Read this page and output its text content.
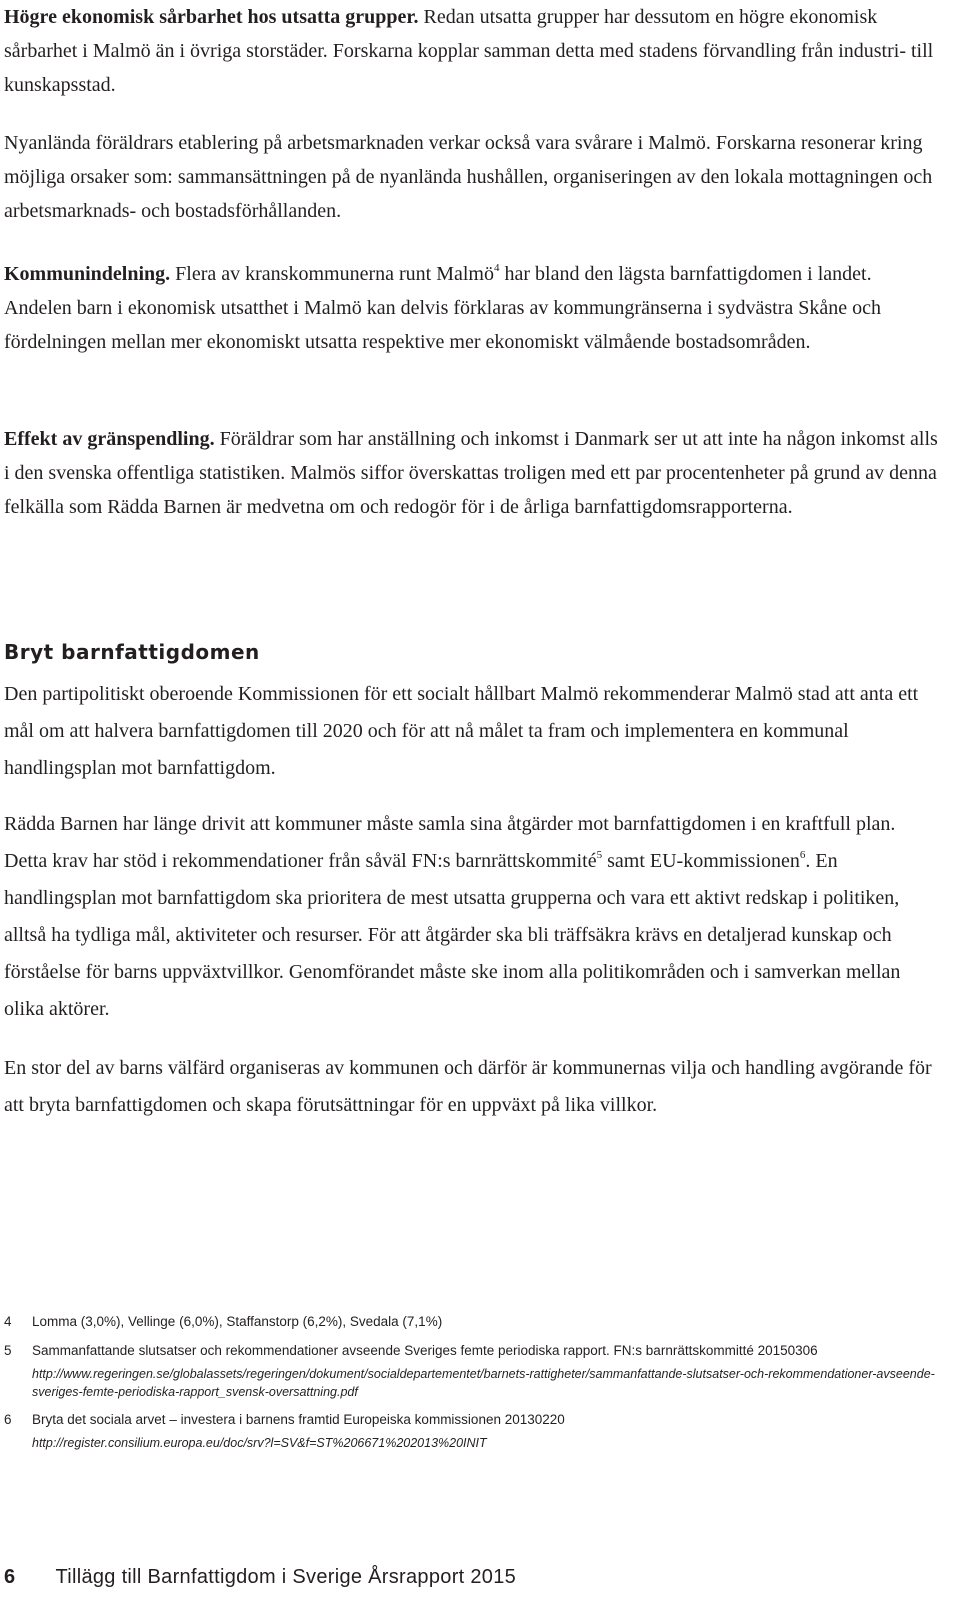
Högre ekonomisk sårbarhet hos utsatta grupper. Redan utsatta grupper har dessutom en högre ekonomisk sårbarhet i Malmö än i övriga storstäder. Forskarna kopplar samman detta med stadens förvandling från industri- till kunskapsstad.

Nyanlända föräldrars etablering på arbetsmarknaden verkar också vara svårare i Malmö. Forskarna resonerar kring möjliga orsaker som: sammansättningen på de nyanlända hushållen, organiseringen av den lokala mottagningen och arbetsmarknads- och bostadsförhållanden.

Kommunindelning. Flera av kranskommunerna runt Malmö$^4$ har bland den lägsta barnfattigdomen i landet. Andelen barn i ekonomisk utsatthet i Malmö kan delvis förklaras av kommungränserna i sydvästra Skåne och fördelningen mellan mer ekonomiskt utsatta respektive mer ekonomiskt välmående bostadsområden.

Effekt av gränspendling. Föräldrar som har anställning och inkomst i Danmark ser ut att inte ha någon inkomst alls i den svenska offentliga statistiken. Malmös siffor överskattas troligen med ett par procentenheter på grund av denna felkälla som Rädda Barnen är medvetna om och redogör för i de årliga barnfattigdomsrapporterna.

Bryt barnfattigdomen

Den partipolitiskt oberoende Kommissionen för ett socialt hållbart Malmö rekommenderar Malmö stad att anta ett mål om att halvera barnfattigdomen till 2020 och för att nå målet ta fram och implementera en kommunal handlingsplan mot barnfattigdom.

Rädda Barnen har länge drivit att kommuner måste samla sina åtgärder mot barnfattigdomen i en kraftfull plan. Detta krav har stöd i rekommendationer från såväl FN:s barnrättskommité$^5$ samt EU-kommissionen$^6$. En handlingsplan mot barnfattigdom ska prioritera de mest utsatta grupperna och vara ett aktivt redskap i politiken, alltså ha tydliga mål, aktiviteter och resurser. För att åtgärder ska bli träffsäkra krävs en detaljerad kunskap och förståelse för barns uppväxtvillkor. Genomförandet måste ske inom alla politikområden och i samverkan mellan olika aktörer.

En stor del av barns välfärd organiseras av kommunen och därför är kommunernas vilja och handling avgörande för att bryta barnfattigdomen och skapa förutsättningar för en uppväxt på lika villkor.

4 Lomma (3,0%), Vellinge (6,0%), Staffanstorp (6,2%), Svedala (7,1%)
5 Sammanfattande slutsatser och rekommendationer avseende Sveriges femte periodiska rapport. FN:s barnrättskommitté 20150306
http://www.regeringen.se/globalassets/regeringen/dokument/socialdepartementet/barnets-rattigheter/sammanfattande-slutsatser-och-rekommendationer-avseende-sveriges-femte-periodiska-rapport_svensk-oversattning.pdf
6 Bryta det sociala arvet – investera i barnens framtid Europeiska kommissionen 20130220
http://register.consilium.europa.eu/doc/srv?l=SV&f=ST%206671%202013%20INIT
6 Tillägg till Barnfattigdom i Sverige Årsrapport 2015
